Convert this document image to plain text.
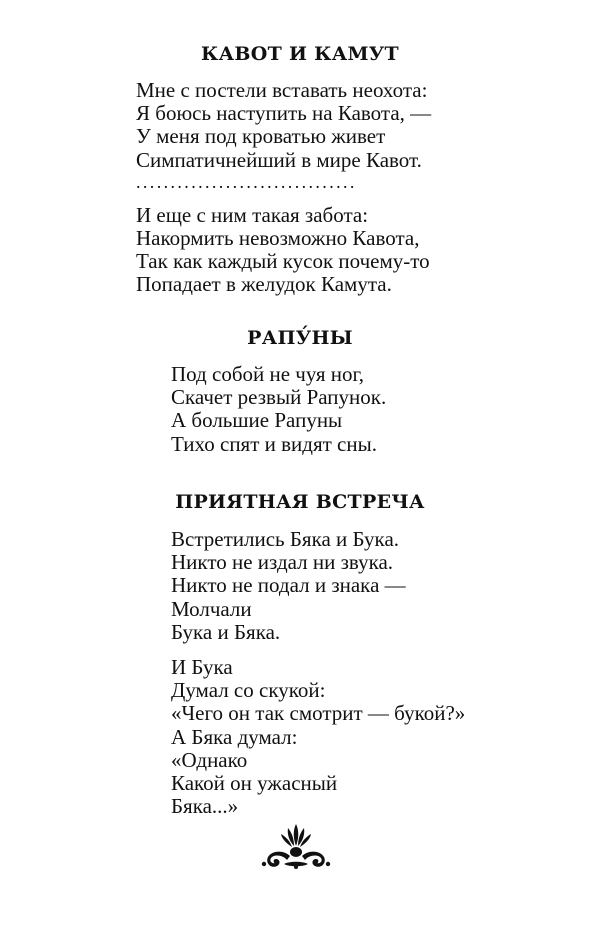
КАВОТ И КАМУТ
Мне с постели вставать неохота:
Я боюсь наступить на Кавота, —
У меня под кроватью живет
Симпатичнейший в мире Кавот.
................................
И еще с ним такая забота:
Накормить невозможно Кавота,
Так как каждый кусок почему-то
Попадает в желудок Камута.
РАПУ́НЫ
Под собой не чуя ног,
Скачет резвый Рапунок.
А большие Рапуны
Тихо спят и видят сны.
ПРИЯТНАЯ ВСТРЕЧА
Встретились Бяка и Бука.
Никто не издал ни звука.
Никто не подал и знака —
Молчали
Бука и Бяка.
И Бука
Думал со скукой:
«Чего он так смотрит — букой?»
А Бяка думал:
«Однако
Какой он ужасный
Бяка...»
